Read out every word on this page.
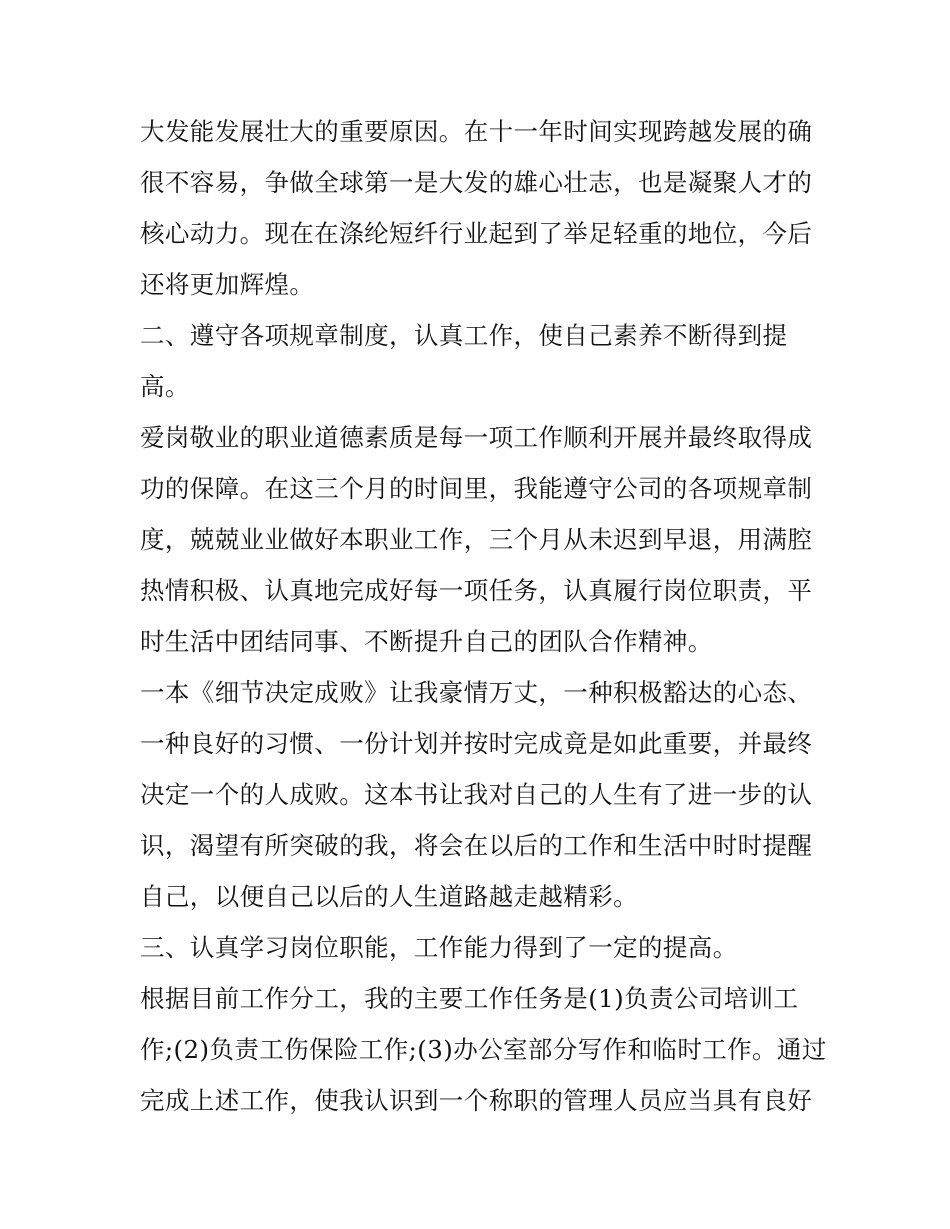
大发能发展壮大的重要原因。在十一年时间实现跨越发展的确
很不容易，争做全球第一是大发的雄心壮志，也是凝聚人才的
核心动力。现在在涤纶短纤行业起到了举足轻重的地位，今后
还将更加辉煌。
二、遵守各项规章制度，认真工作，使自己素养不断得到提
高。
爱岗敬业的职业道德素质是每一项工作顺利开展并最终取得成
功的保障。在这三个月的时间里，我能遵守公司的各项规章制
度，兢兢业业做好本职业工作，三个月从未迟到早退，用满腔
热情积极、认真地完成好每一项任务，认真履行岗位职责，平
时生活中团结同事、不断提升自己的团队合作精神。
一本《细节决定成败》让我豪情万丈，一种积极豁达的心态、
一种良好的习惯、一份计划并按时完成竟是如此重要，并最终
决定一个的人成败。这本书让我对自己的人生有了进一步的认
识，渴望有所突破的我，将会在以后的工作和生活中时时提醒
自己，以便自己以后的人生道路越走越精彩。
三、认真学习岗位职能，工作能力得到了一定的提高。
根据目前工作分工，我的主要工作任务是(1)负责公司培训工
作;(2)负责工伤保险工作;(3)办公室部分写作和临时工作。通过
完成上述工作，使我认识到一个称职的管理人员应当具有良好
